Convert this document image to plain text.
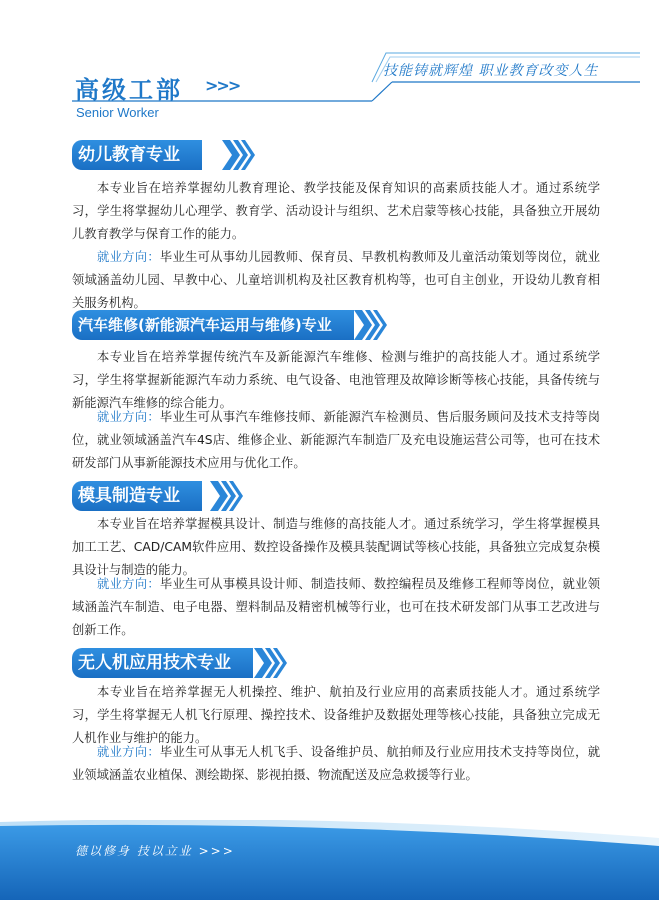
高级工部 >>>
Senior Worker
技能铸就辉煌 职业教育改变人生
幼儿教育专业
本专业旨在培养掌握幼儿教育理论、教学技能及保育知识的高素质技能人才。通过系统学习，学生将掌握幼儿心理学、教育学、活动设计与组织、艺术启蒙等核心技能，具备独立开展幼儿教育教学与保育工作的能力。
就业方向：毕业生可从事幼儿园教师、保育员、早教机构教师及儿童活动策划等岗位，就业领域涵盖幼儿园、早教中心、儿童培训机构及社区教育机构等，也可自主创业，开设幼儿教育相关服务机构。
汽车维修(新能源汽车运用与维修)专业
本专业旨在培养掌握传统汽车及新能源汽车维修、检测与维护的高技能人才。通过系统学习，学生将掌握新能源汽车动力系统、电气设备、电池管理及故障诊断等核心技能，具备传统与新能源汽车维修的综合能力。
就业方向：毕业生可从事汽车维修技师、新能源汽车检测员、售后服务顾问及技术支持等岗位，就业领域涵盖汽车4S店、维修企业、新能源汽车制造厂及充电设施运营公司等，也可在技术研发部门从事新能源技术应用与优化工作。
模具制造专业
本专业旨在培养掌握模具设计、制造与维修的高技能人才。通过系统学习，学生将掌握模具加工工艺、CAD/CAM软件应用、数控设备操作及模具装配调试等核心技能，具备独立完成复杂模具设计与制造的能力。
就业方向：毕业生可从事模具设计师、制造技师、数控编程员及维修工程师等岗位，就业领域涵盖汽车制造、电子电器、塑料制品及精密机械等行业，也可在技术研发部门从事工艺改进与创新工作。
无人机应用技术专业
本专业旨在培养掌握无人机操控、维护、航拍及行业应用的高素质技能人才。通过系统学习，学生将掌握无人机飞行原理、操控技术、设备维护及数据处理等核心技能，具备独立完成无人机作业与维护的能力。
就业方向：毕业生可从事无人机飞手、设备维护员、航拍师及行业应用技术支持等岗位，就业领域涵盖农业植保、测绘勘探、影视拍摄、物流配送及应急救援等行业。
德以修身 技以立业 >>>
